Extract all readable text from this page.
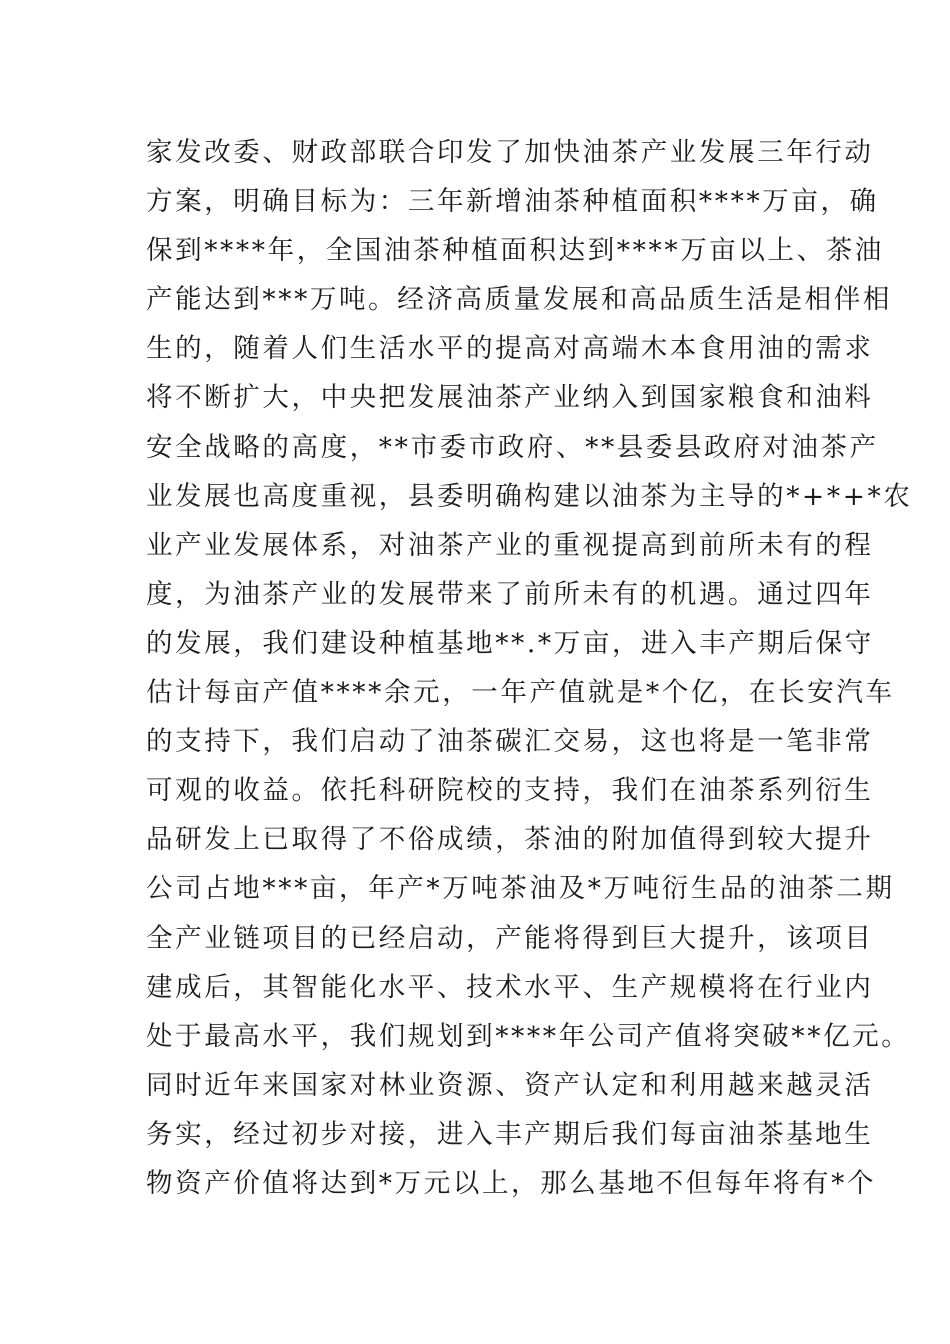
家发改委、财政部联合印发了加快油茶产业发展三年行动
方案，明确目标为：三年新增油茶种植面积****万亩，确
保到****年，全国油茶种植面积达到****万亩以上、茶油
产能达到***万吨。经济高质量发展和高品质生活是相伴相
生的，随着人们生活水平的提高对高端木本食用油的需求
将不断扩大，中央把发展油茶产业纳入到国家粮食和油料
安全战略的高度，**市委市政府、**县委县政府对油茶产
业发展也高度重视，县委明确构建以油茶为主导的*+*+*农
业产业发展体系，对油茶产业的重视提高到前所未有的程
度，为油茶产业的发展带来了前所未有的机遇。通过四年
的发展，我们建设种植基地**.*万亩，进入丰产期后保守
估计每亩产值****余元，一年产值就是*个亿，在长安汽车
的支持下，我们启动了油茶碳汇交易，这也将是一笔非常
可观的收益。依托科研院校的支持，我们在油茶系列衍生
品研发上已取得了不俗成绩，茶油的附加值得到较大提升
公司占地***亩，年产*万吨茶油及*万吨衍生品的油茶二期
全产业链项目的已经启动，产能将得到巨大提升，该项目
建成后，其智能化水平、技术水平、生产规模将在行业内
处于最高水平，我们规划到****年公司产值将突破**亿元。
同时近年来国家对林业资源、资产认定和利用越来越灵活
务实，经过初步对接，进入丰产期后我们每亩油茶基地生
物资产价值将达到*万元以上，那么基地不但每年将有*个
